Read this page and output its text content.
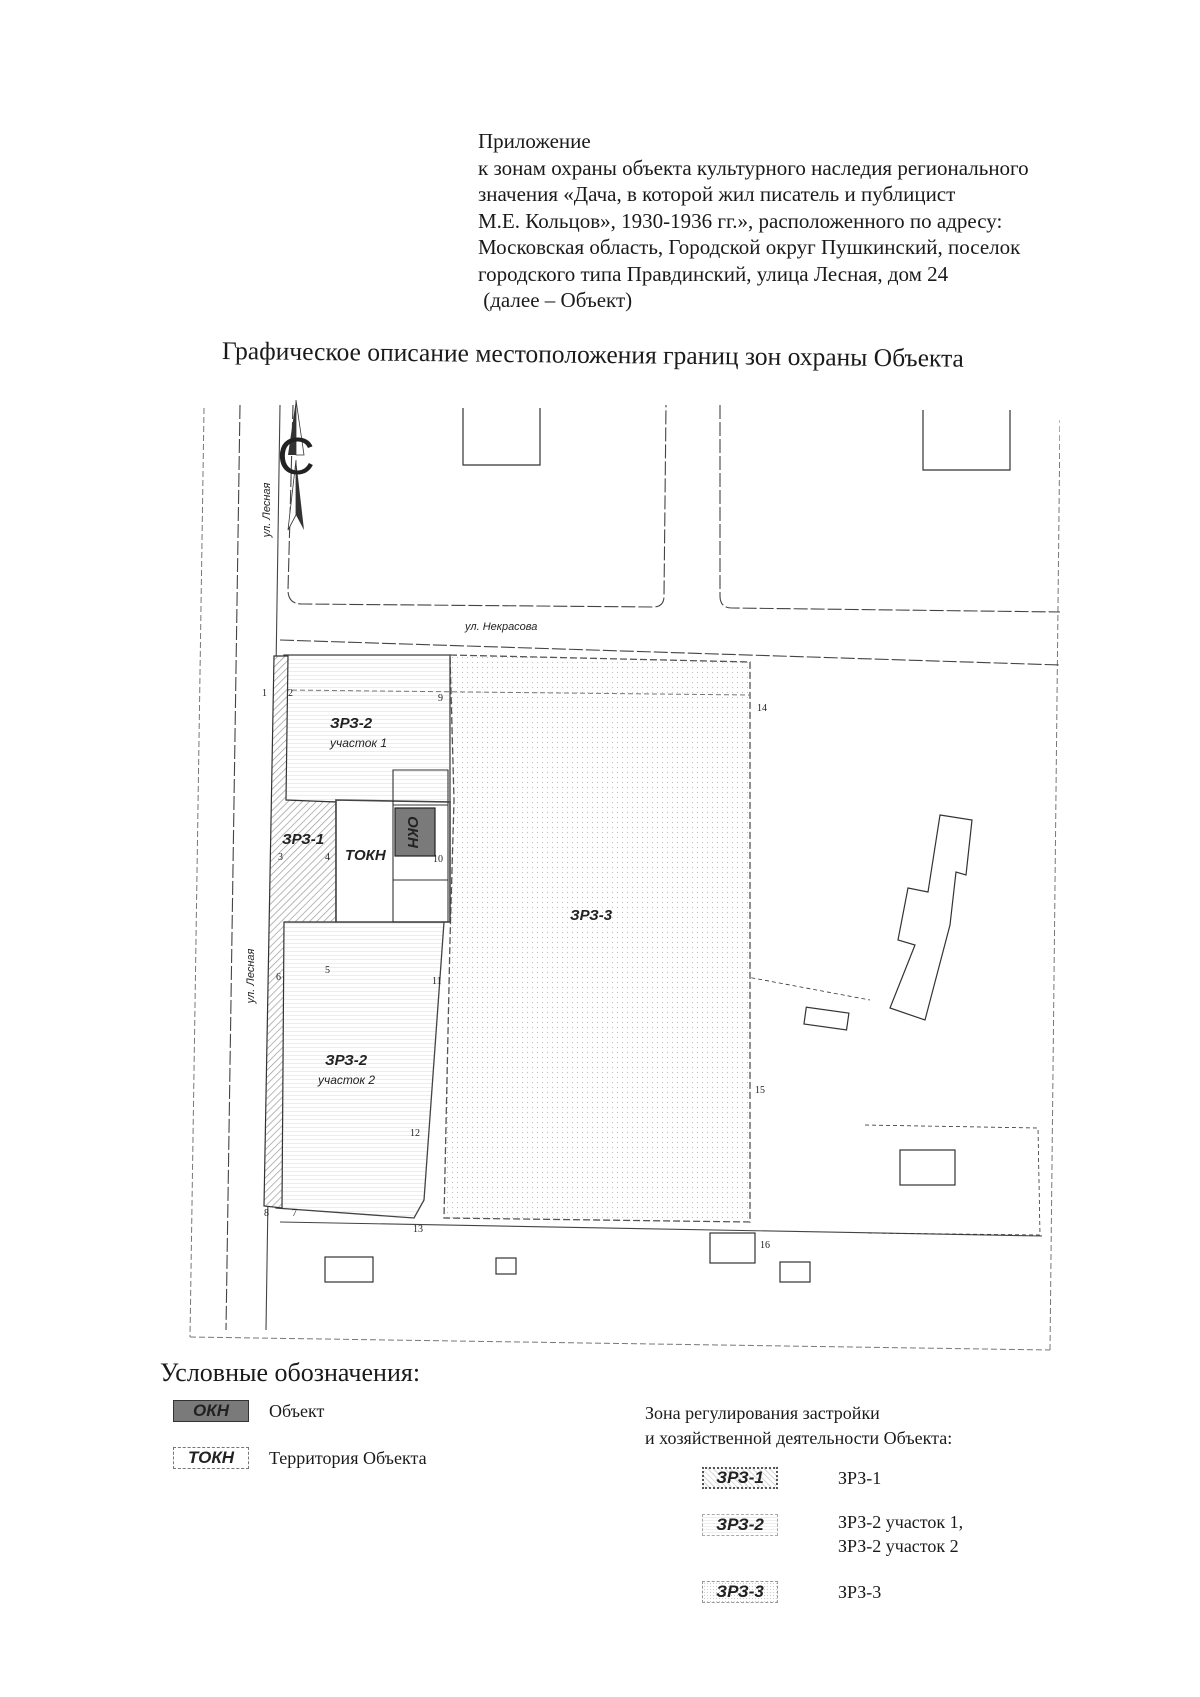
Приложение
к зонам охраны объекта культурного наследия регионального
значения «Дача, в которой жил писатель и публицист
М.Е. Кольцов», 1930-1936 гг.», расположенного по адресу:
Московская область, Городской округ Пушкинский, поселок
городского типа Правдинский, улица Лесная, дом 24
(далее – Объект)
Графическое описание местоположения границ зон охраны Объекта
С
ул. Лесная
ул. Лесная
ул. Некрасова
ЗРЗ-2
участок 1
ЗРЗ-1
ТОКН
ОКН
ЗРЗ-3
ЗРЗ-2
участок 2
1 2
3	4
5
6
7
8
9
10
11
12
13
14
15
16
Условные обозначения:
ОКН	Объект
ТОКН	Территория Объекта
Зона регулирования застройки
и хозяйственной деятельности Объекта:
ЗРЗ-1	ЗРЗ-1
ЗРЗ-2	ЗРЗ-2 участок 1,
ЗРЗ-2 участок 2
ЗРЗ-3	ЗРЗ-3
